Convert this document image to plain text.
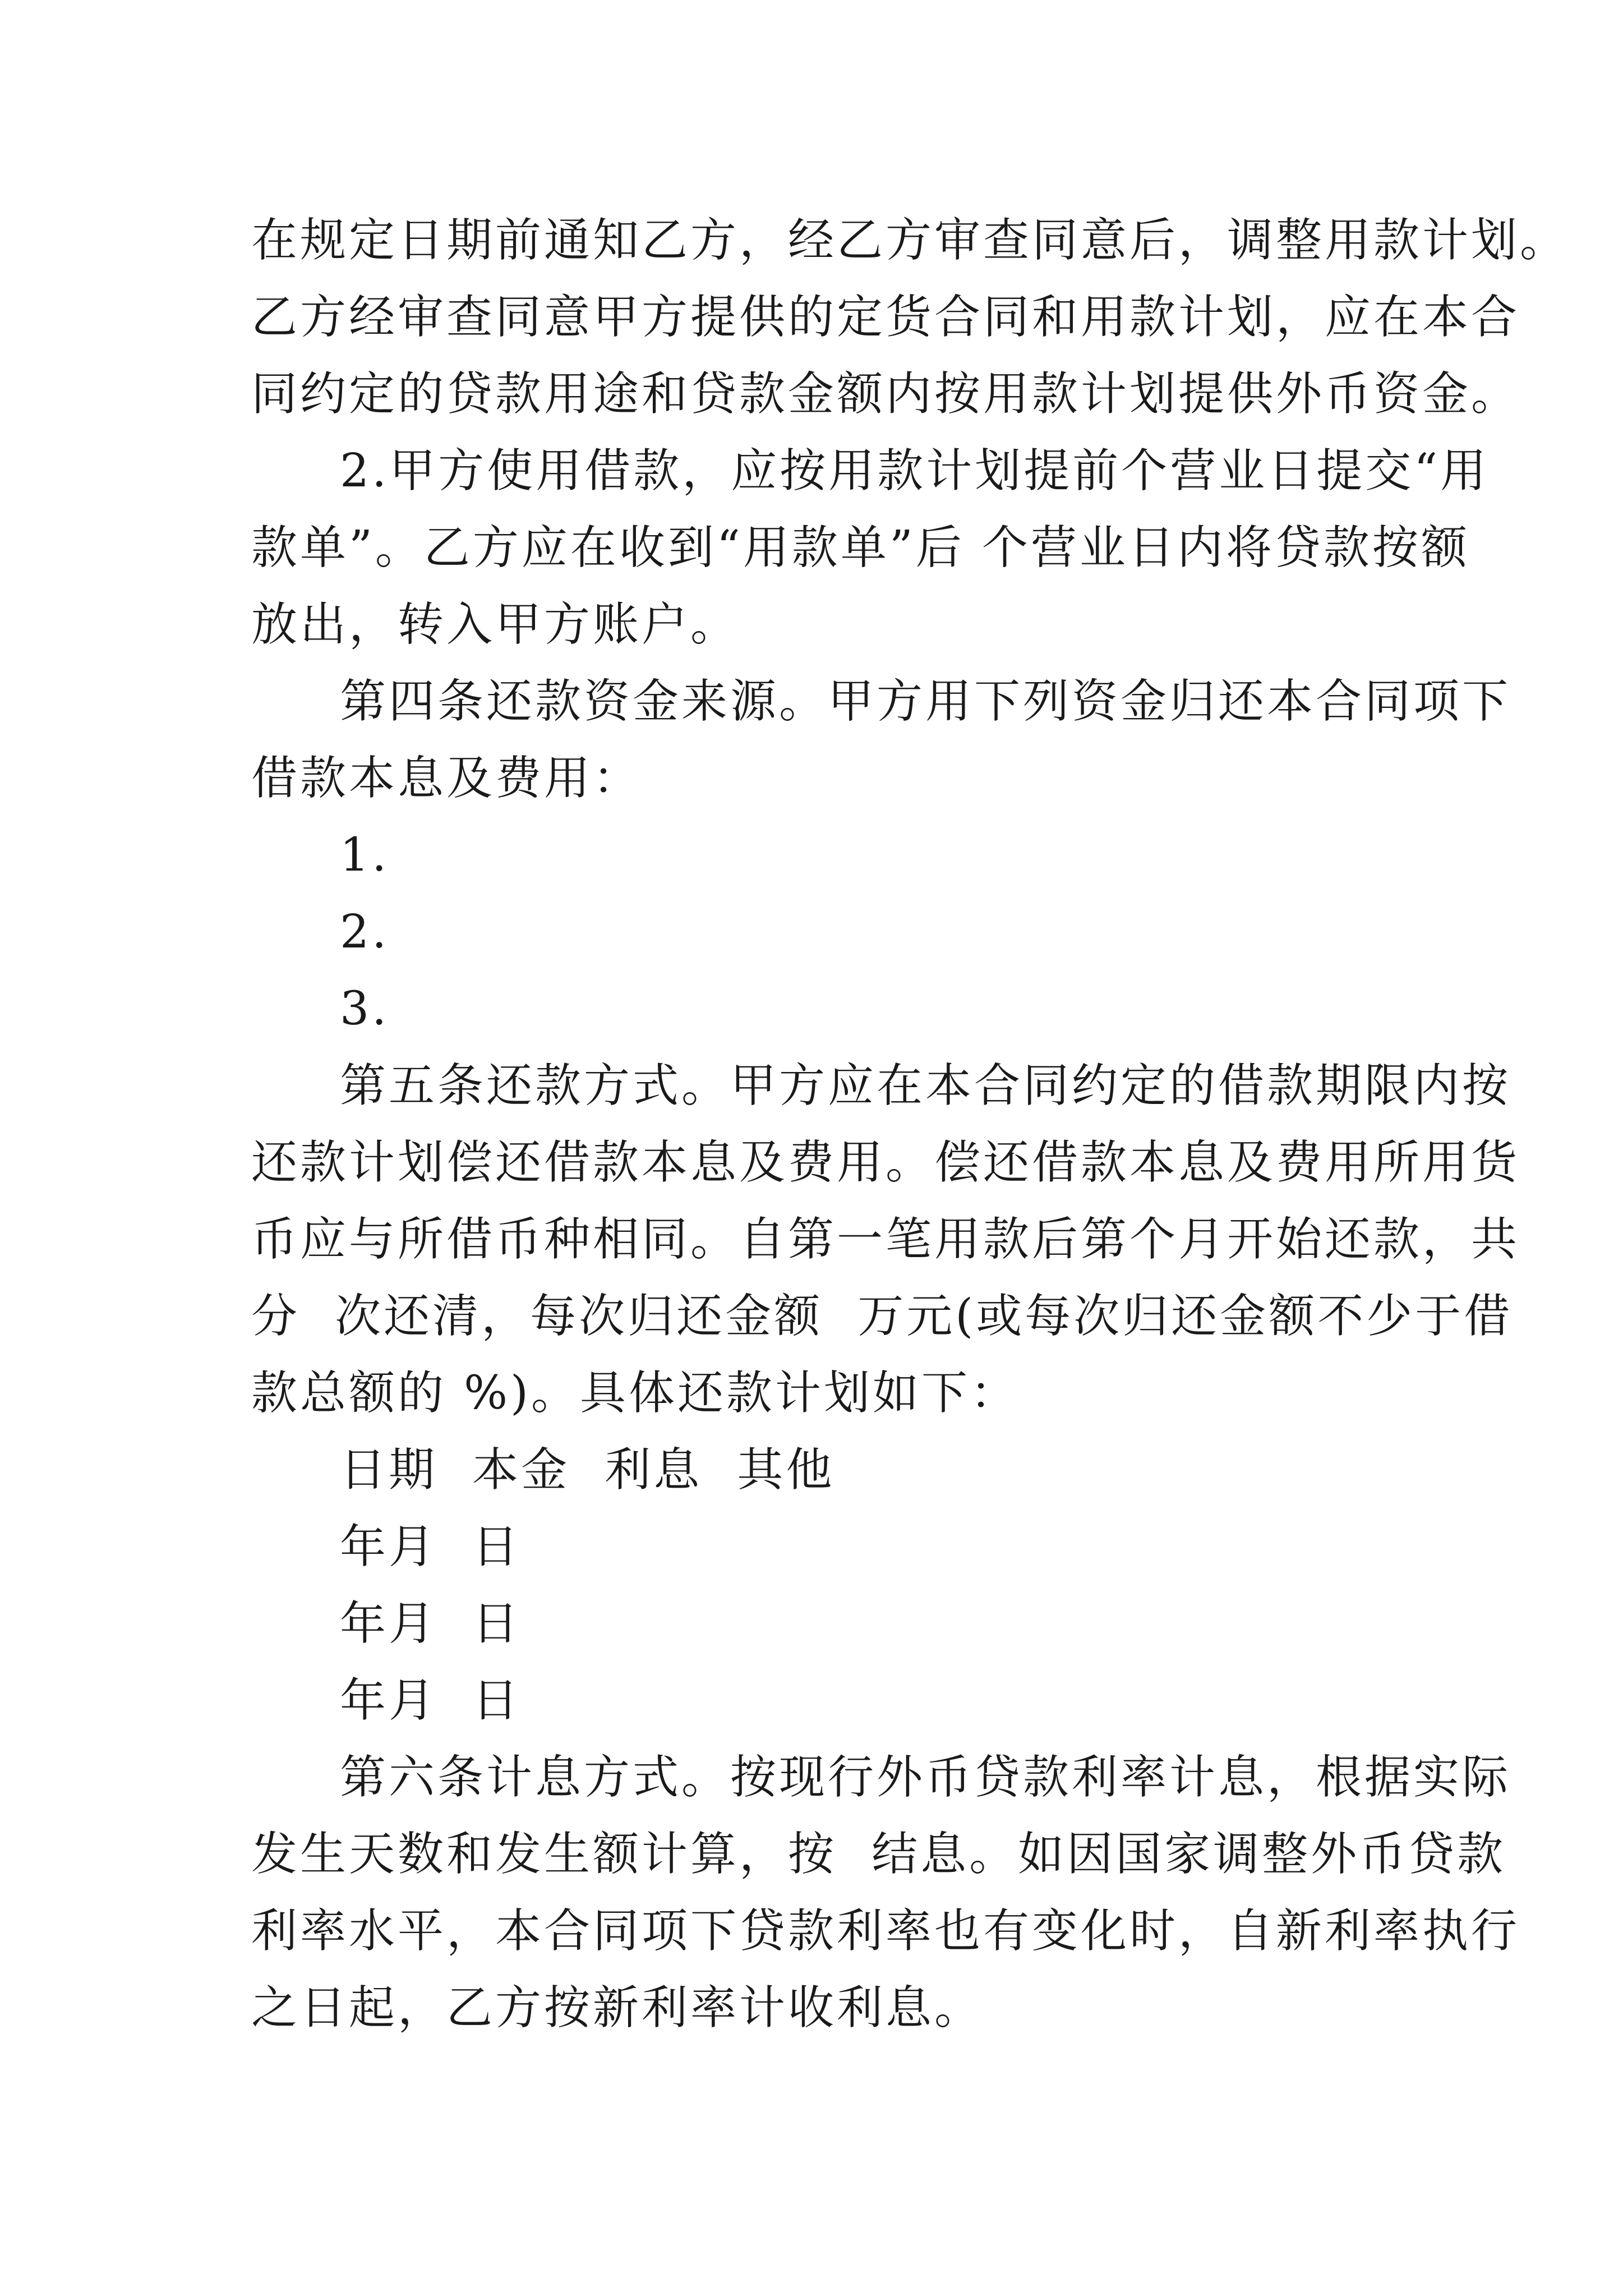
在规定日期前通知乙方，经乙方审查同意后，调整用款计划。
乙方经审查同意甲方提供的定货合同和用款计划，应在本合
同约定的贷款用途和贷款金额内按用款计划提供外币资金。
2.甲方使用借款，应按用款计划提前个营业日提交“用
款单”。乙方应在收到“用款单”后 个营业日内将贷款按额
放出，转入甲方账户。
第四条还款资金来源。甲方用下列资金归还本合同项下
借款本息及费用：
1.
2.
3.
第五条还款方式。甲方应在本合同约定的借款期限内按
还款计划偿还借款本息及费用。偿还借款本息及费用所用货
币应与所借币种相同。自第一笔用款后第个月开始还款，共
分  次还清，每次归还金额  万元(或每次归还金额不少于借
款总额的 %)。具体还款计划如下：
日期  本金  利息  其他
年月  日
年月  日
年月  日
第六条计息方式。按现行外币贷款利率计息，根据实际
发生天数和发生额计算，按  结息。如因国家调整外币贷款
利率水平，本合同项下贷款利率也有变化时，自新利率执行
之日起，乙方按新利率计收利息。
